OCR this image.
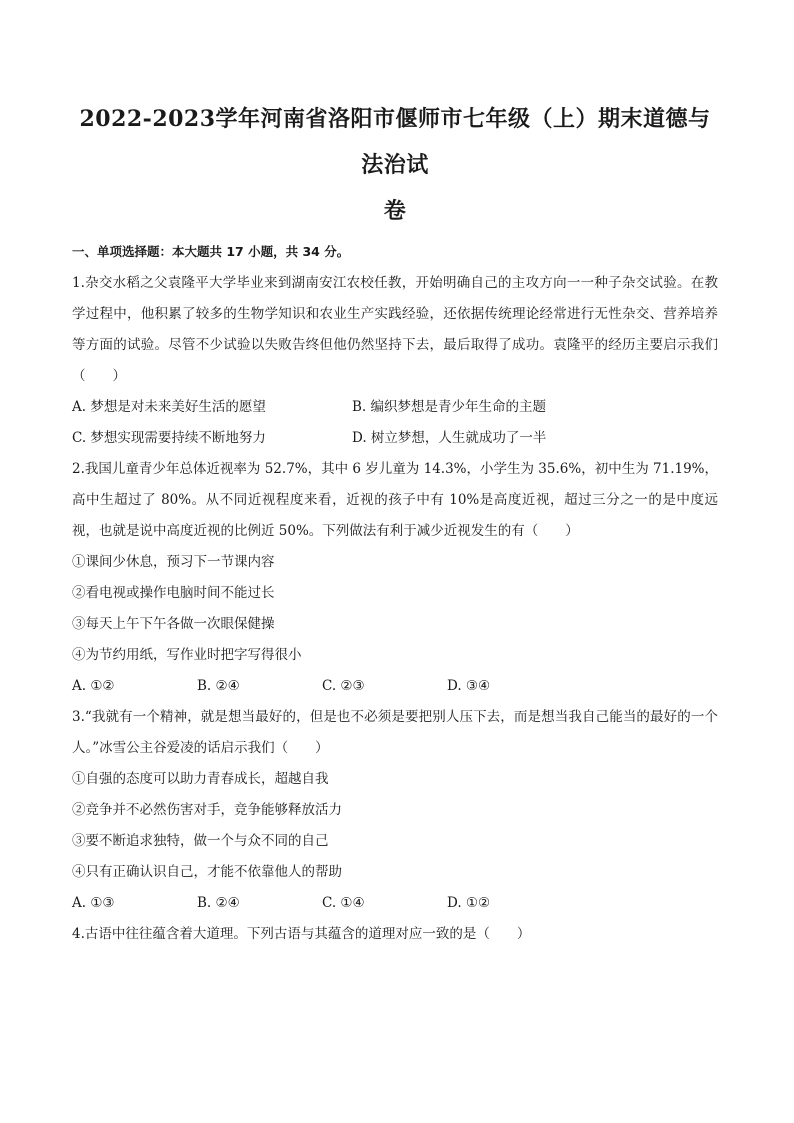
2022-2023学年河南省洛阳市偃师市七年级（上）期末道德与法治试
卷
一、单项选择题：本大题共 17 小题，共 34 分。

1.杂交水稻之父袁隆平大学毕业来到湖南安江农校任教，开始明确自己的主攻方向一一种子杂交试验。在教学过程中，他积累了较多的生物学知识和农业生产实践经验，还依据传统理论经常进行无性杂交、营养培养等方面的试验。尽管不少试验以失败告终但他仍然坚持下去，最后取得了成功。袁隆平的经历主要启示我们（　　）

A. 梦想是对未来美好生活的愿望	B. 编织梦想是青少年生命的主题
C. 梦想实现需要持续不断地努力	D. 树立梦想，人生就成功了一半

2.我国儿童青少年总体近视率为 52.7%，其中 6 岁儿童为 14.3%，小学生为 35.6%，初中生为 71.19%，高中生超过了 80%。从不同近视程度来看，近视的孩子中有 10%是高度近视，超过三分之一的是中度远视，也就是说中高度近视的比例近 50%。下列做法有利于减少近视发生的有（　　）

①课间少休息，预习下一节课内容

②看电视或操作电脑时间不能过长

③每天上午下午各做一次眼保健操

④为节约用纸，写作业时把字写得很小

A. ①②	B. ②④	C. ②③	D. ③④

3.“我就有一个精神，就是想当最好的，但是也不必须是要把别人压下去，而是想当我自己能当的最好的一个人。”冰雪公主谷爱凌的话启示我们（　　）

①自强的态度可以助力青春成长，超越自我

②竞争并不必然伤害对手，竞争能够释放活力

③要不断追求独特，做一个与众不同的自己

④只有正确认识自己，才能不依靠他人的帮助

A. ①③	B. ②④	C. ①④	D. ①②

4.古语中往往蕴含着大道理。下列古语与其蕴含的道理对应一致的是（　　）
